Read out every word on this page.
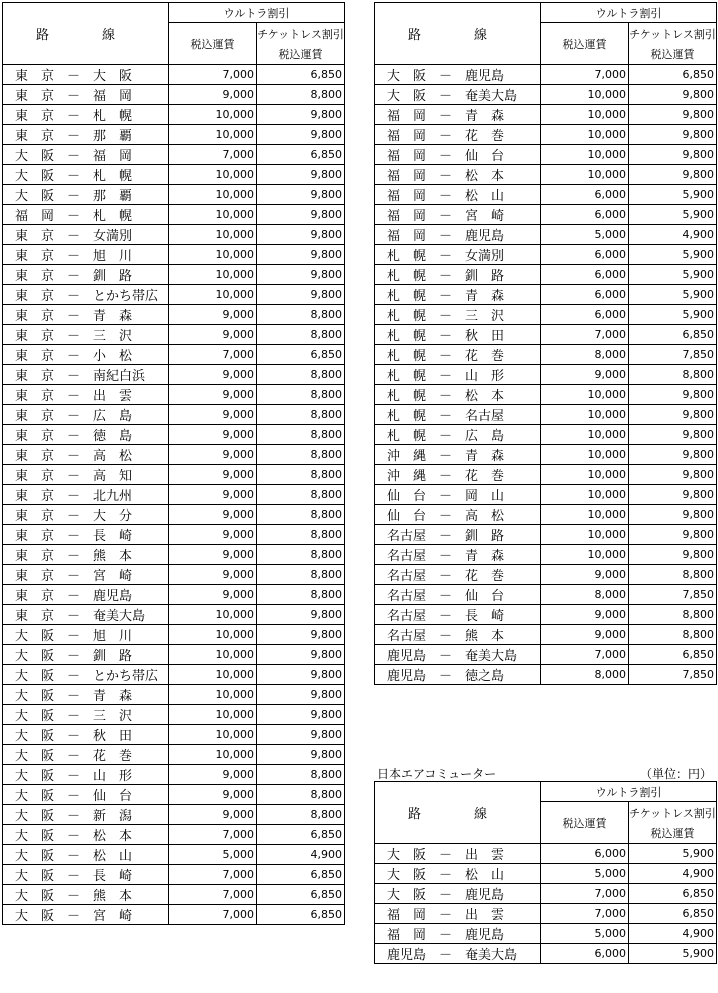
路　線	ウルトラ割引	
	税込運賃	チケットレス割引
		税込運賃
東　京　－　大　阪	7,000	6,850
東　京　－　福　岡	9,000	8,800
東　京　－　札　幌	10,000	9,800
東　京　－　那　覇	10,000	9,800
大　阪　－　福　岡	7,000	6,850
大　阪　－　札　幌	10,000	9,800
大　阪　－　那　覇	10,000	9,800
福　岡　－　札　幌	10,000	9,800
東　京　－　女満別	10,000	9,800
東　京　－　旭　川	10,000	9,800
東　京　－　釧　路	10,000	9,800
東　京　－　とかち帯広	10,000	9,800
東　京　－　青　森	9,000	8,800
東　京　－　三　沢	9,000	8,800
東　京　－　小　松	7,000	6,850
東　京　－　南紀白浜	9,000	8,800
東　京　－　出　雲	9,000	8,800
東　京　－　広　島	9,000	8,800
東　京　－　徳　島	9,000	8,800
東　京　－　高　松	9,000	8,800
東　京　－　高　知	9,000	8,800
東　京　－　北九州	9,000	8,800
東　京　－　大　分	9,000	8,800
東　京　－　長　崎	9,000	8,800
東　京　－　熊　本	9,000	8,800
東　京　－　宮　崎	9,000	8,800
東　京　－　鹿児島	9,000	8,800
東　京　－　奄美大島	10,000	9,800
大　阪　－　旭　川	10,000	9,800
大　阪　－　釧　路	10,000	9,800
大　阪　－　とかち帯広	10,000	9,800
大　阪　－　青　森	10,000	9,800
大　阪　－　三　沢	10,000	9,800
大　阪　－　秋　田	10,000	9,800
大　阪　－　花　巻	10,000	9,800
大　阪　－　山　形	9,000	8,800
大　阪　－　仙　台	9,000	8,800
大　阪　－　新　潟	9,000	8,800
大　阪　－　松　本	7,000	6,850
大　阪　－　松　山	5,000	4,900
大　阪　－　長　崎	7,000	6,850
大　阪　－　熊　本	7,000	6,850
大　阪　－　宮　崎	7,000	6,850
路　線	ウルトラ割引	
	税込運賃	チケットレス割引
		税込運賃
大　阪　－　鹿児島	7,000	6,850
大　阪　－　奄美大島	10,000	9,800
福　岡　－　青　森	10,000	9,800
福　岡　－　花　巻	10,000	9,800
福　岡　－　仙　台	10,000	9,800
福　岡　－　松　本	10,000	9,800
福　岡　－　松　山	6,000	5,900
福　岡　－　宮　崎	6,000	5,900
福　岡　－　鹿児島	5,000	4,900
札　幌　－　女満別	6,000	5,900
札　幌　－　釧　路	6,000	5,900
札　幌　－　青　森	6,000	5,900
札　幌　－　三　沢	6,000	5,900
札　幌　－　秋　田	7,000	6,850
札　幌　－　花　巻	8,000	7,850
札　幌　－　山　形	9,000	8,800
札　幌　－　松　本	10,000	9,800
札　幌　－　名古屋	10,000	9,800
札　幌　－　広　島	10,000	9,800
沖　縄　－　青　森	10,000	9,800
沖　縄　－　花　巻	10,000	9,800
仙　台　－　岡　山	10,000	9,800
仙　台　－　高　松	10,000	9,800
名古屋　－　釧　路	10,000	9,800
名古屋　－　青　森	10,000	9,800
名古屋　－　花　巻	9,000	8,800
名古屋　－　仙　台	8,000	7,850
名古屋　－　長　崎	9,000	8,800
名古屋　－　熊　本	9,000	8,800
鹿児島　－　奄美大島	7,000	6,850
鹿児島　－　徳之島	8,000	7,850
日本エアコミューター	（単位：円）
路　線	ウルトラ割引	
	税込運賃	チケットレス割引
		税込運賃
大　阪　－　出　雲	6,000	5,900
大　阪　－　松　山	5,000	4,900
大　阪　－　鹿児島	7,000	6,850
福　岡　－　出　雲	7,000	6,850
福　岡　－　鹿児島	5,000	4,900
鹿児島　－　奄美大島	6,000	5,900
